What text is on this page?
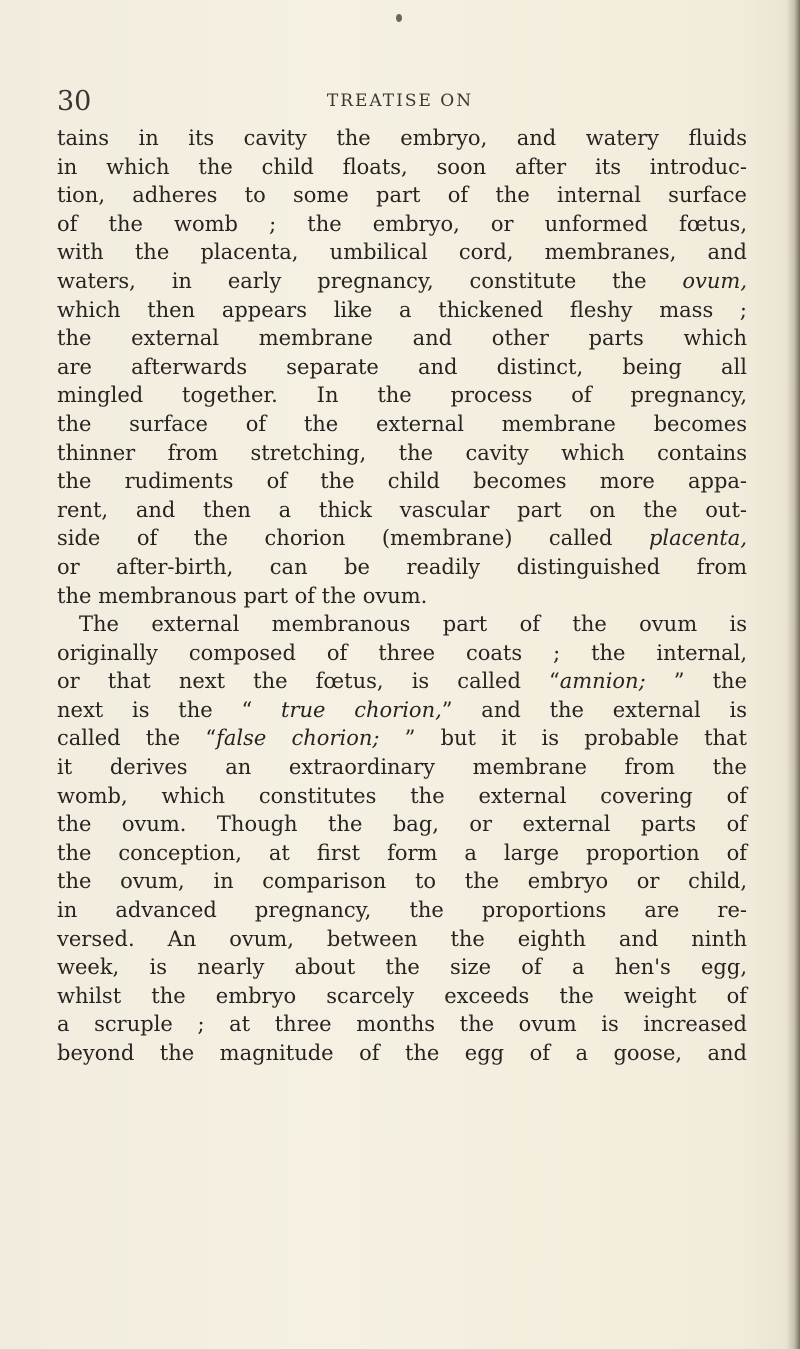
30	TREATISE ON
tains in its cavity the embryo, and watery fluids
in which the child floats, soon after its introduc-
tion, adheres to some part of the internal surface
of the womb ; the embryo, or unformed fœtus,
with the placenta, umbilical cord, membranes, and
waters, in early pregnancy, constitute the ovum,
which then appears like a thickened fleshy mass ;
the external membrane and other parts which
are afterwards separate and distinct, being all
mingled together. In the process of pregnancy,
the surface of the external membrane becomes
thinner from stretching, the cavity which contains
the rudiments of the child becomes more appa-
rent, and then a thick vascular part on the out-
side of the chorion (membrane) called placenta,
or after-birth, can be readily distinguished from
the membranous part of the ovum.
The external membranous part of the ovum is
originally composed of three coats ; the internal,
or that next the fœtus, is called “amnion; ” the
next is the “ true chorion,” and the external is
called the “false chorion; ” but it is probable that
it derives an extraordinary membrane from the
womb, which constitutes the external covering of
the ovum. Though the bag, or external parts of
the conception, at first form a large proportion of
the ovum, in comparison to the embryo or child,
in advanced pregnancy, the proportions are re-
versed. An ovum, between the eighth and ninth
week, is nearly about the size of a hen's egg,
whilst the embryo scarcely exceeds the weight of
a scruple ; at three months the ovum is increased
beyond the magnitude of the egg of a goose, and
